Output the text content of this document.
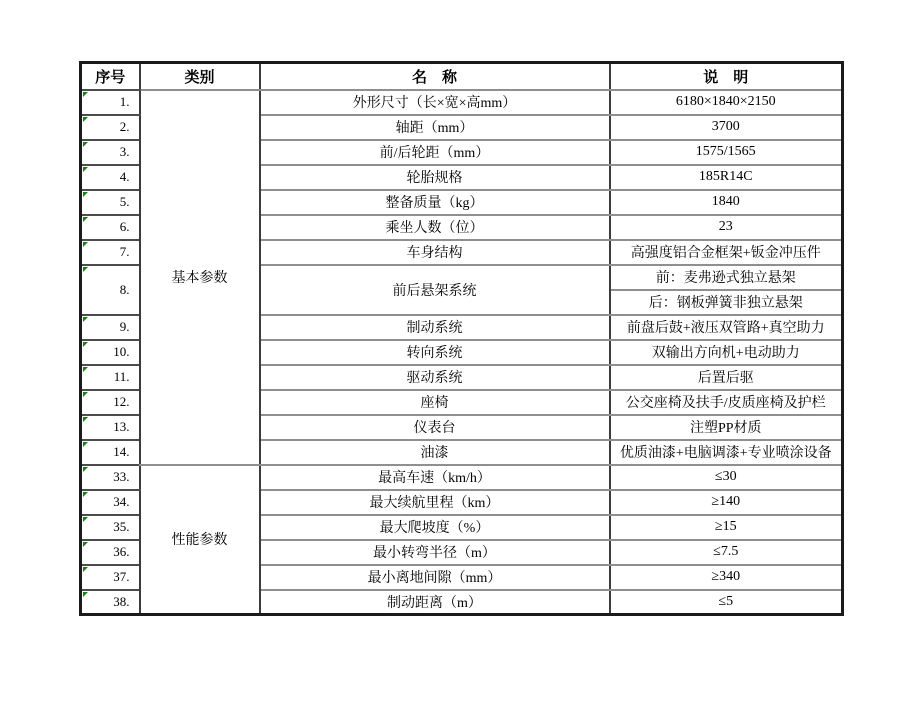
序号	类别	名　称	说　明

1.	基本参数	外形尺寸（长×宽×高mm）	6180×1840×2150

2.		轴距（mm）	3700

3.		前/后轮距（mm）	1575/1565

4.		轮胎规格	185R14C

5.		整备质量（kg）	1840

6.		乘坐人数（位）	23

7.		车身结构	高强度铝合金框架+钣金冲压件

8.		前后悬架系统	前：麦弗逊式独立悬架
			后：钢板弹簧非独立悬架

9.		制动系统	前盘后鼓+液压双管路+真空助力

10.		转向系统	双输出方向机+电动助力

11.		驱动系统	后置后驱

12.		座椅	公交座椅及扶手/皮质座椅及护栏

13.		仪表台	注塑PP材质

14.		油漆	优质油漆+电脑调漆+专业喷涂设备

33.	性能参数	最高车速（km/h）	≤30

34.		最大续航里程（km）	≥140

35.		最大爬坡度（%）	≥15

36.		最小转弯半径（m）	≤7.5

37.		最小离地间隙（mm）	≥340

38.		制动距离（m）	≤5
